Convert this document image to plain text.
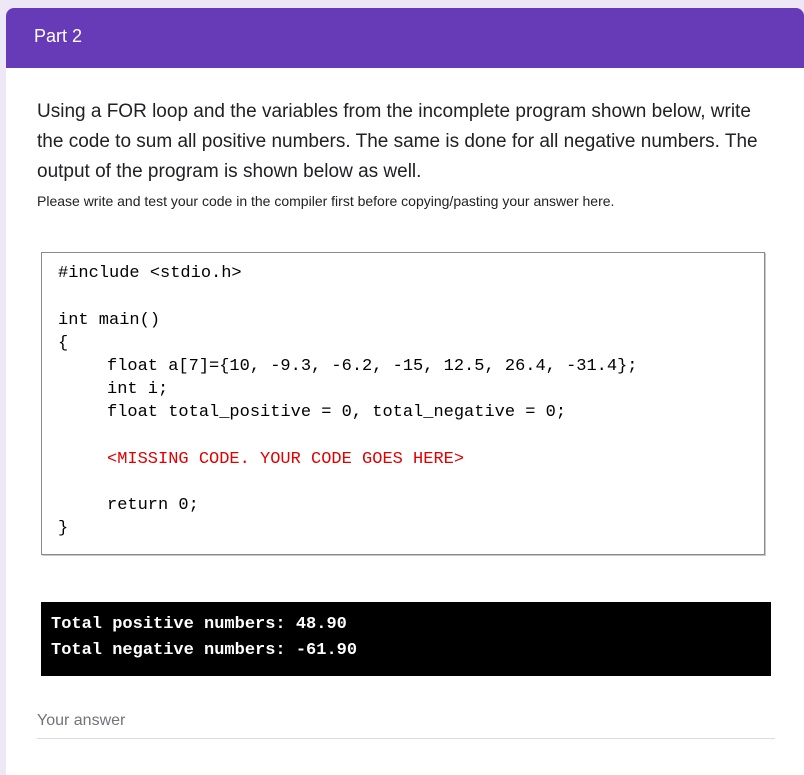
Part 2
Using a FOR loop and the variables from the incomplete program shown below, write the code to sum all positive numbers. The same is done for all negative numbers. The output of the program is shown below as well.
Please write and test your code in the compiler first before copying/pasting your answer here.
#include <stdio.h>
int main()
{
float a[7]={10, -9.3, -6.2, -15, 12.5, 26.4, -31.4};
int i;
float total_positive = 0, total_negative = 0;
<MISSING CODE. YOUR CODE GOES HERE>
return 0;
}
Total positive numbers: 48.90
Total negative numbers: -61.90
Your answer
